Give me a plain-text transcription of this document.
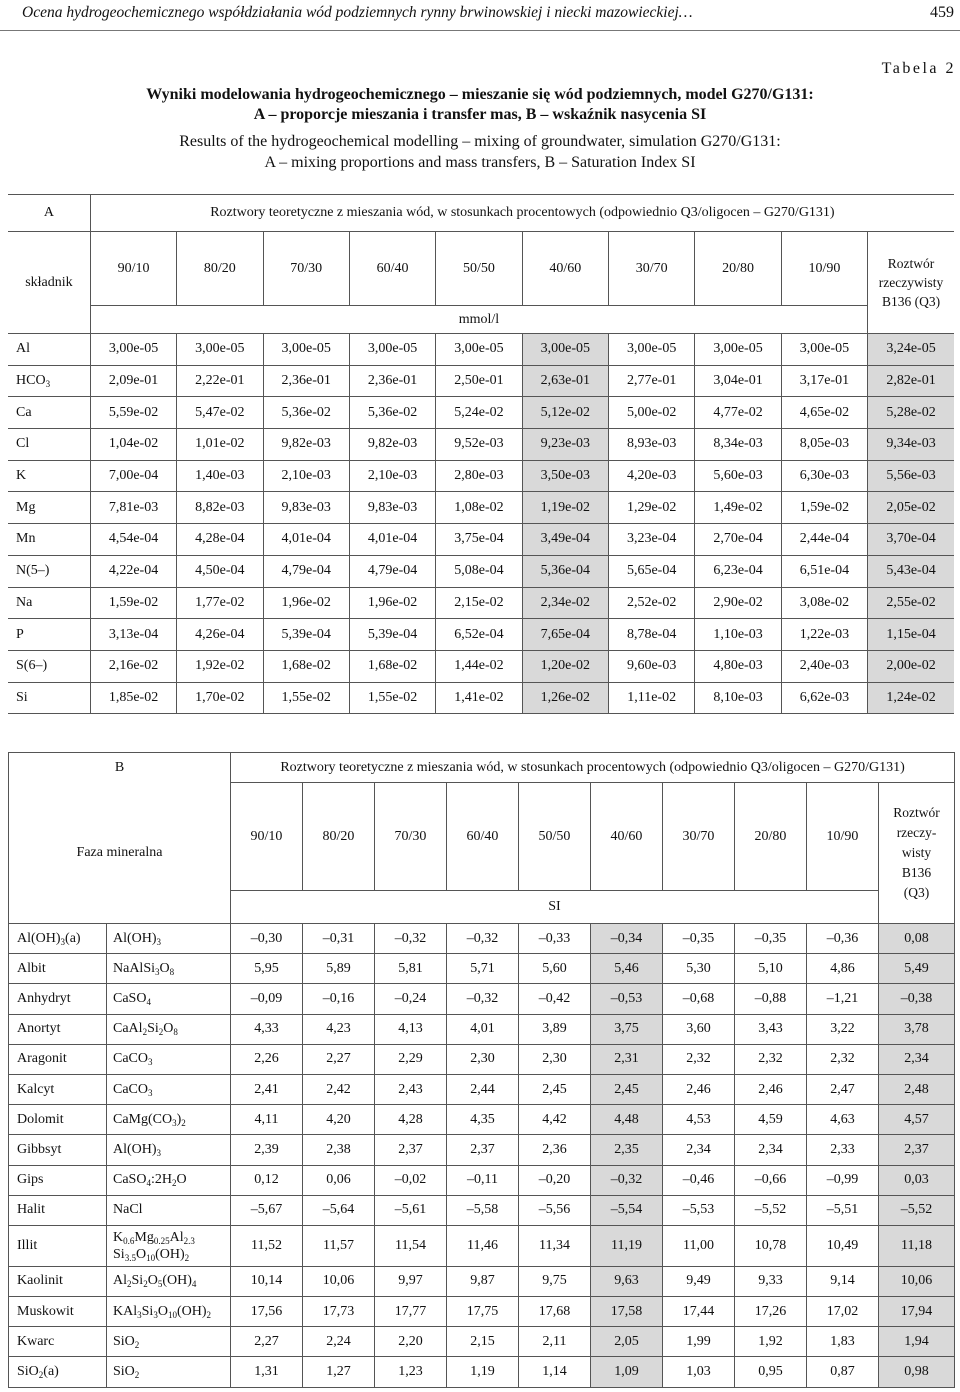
Ocena hydrogeochemicznego współdziałania wód podziemnych rynny brwinowskiej i niecki mazowieckiej…	459
Tabela 2
Wyniki modelowania hydrogeochemicznego – mieszanie się wód podziemnych, model G270/G131:
A – proporcje mieszania i transfer mas, B – wskaźnik nasycenia SI
Results of the hydrogeochemical modelling – mixing of groundwater, simulation G270/G131:
A – mixing proportions and mass transfers, B – Saturation Index SI
A	Roztwory teoretyczne z mieszania wód, w stosunkach procentowych (odpowiednio Q3/oligocen – G270/G131)									
składnik	90/10	80/20	70/30	60/40	50/50	40/60	30/70	20/80	10/90	Roztwór
rzeczywisty
B136 (Q3)
	mmol/l									
Al	3,00e-05	3,00e-05	3,00e-05	3,00e-05	3,00e-05	3,00e-05	3,00e-05	3,00e-05	3,00e-05	3,24e-05
$HCO_3$	2,09e-01	2,22e-01	2,36e-01	2,36e-01	2,50e-01	2,63e-01	2,77e-01	3,04e-01	3,17e-01	2,82e-01
Ca	5,59e-02	5,47e-02	5,36e-02	5,36e-02	5,24e-02	5,12e-02	5,00e-02	4,77e-02	4,65e-02	5,28e-02
Cl	1,04e-02	1,01e-02	9,82e-03	9,82e-03	9,52e-03	9,23e-03	8,93e-03	8,34e-03	8,05e-03	9,34e-03
K	7,00e-04	1,40e-03	2,10e-03	2,10e-03	2,80e-03	3,50e-03	4,20e-03	5,60e-03	6,30e-03	5,56e-03
Mg	7,81e-03	8,82e-03	9,83e-03	9,83e-03	1,08e-02	1,19e-02	1,29e-02	1,49e-02	1,59e-02	2,05e-02
Mn	4,54e-04	4,28e-04	4,01e-04	4,01e-04	3,75e-04	3,49e-04	3,23e-04	2,70e-04	2,44e-04	3,70e-04
N(5–)	4,22e-04	4,50e-04	4,79e-04	4,79e-04	5,08e-04	5,36e-04	5,65e-04	6,23e-04	6,51e-04	5,43e-04
Na	1,59e-02	1,77e-02	1,96e-02	1,96e-02	2,15e-02	2,34e-02	2,52e-02	2,90e-02	3,08e-02	2,55e-02
P	3,13e-04	4,26e-04	5,39e-04	5,39e-04	6,52e-04	7,65e-04	8,78e-04	1,10e-03	1,22e-03	1,15e-04
S(6–)	2,16e-02	1,92e-02	1,68e-02	1,68e-02	1,44e-02	1,20e-02	9,60e-03	4,80e-03	2,40e-03	2,00e-02
Si	1,85e-02	1,70e-02	1,55e-02	1,55e-02	1,41e-02	1,26e-02	1,11e-02	8,10e-03	6,62e-03	1,24e-02
B		Roztwory teoretyczne z mieszania wód, w stosunkach procentowych (odpowiednio Q3/oligocen – G270/G131)									
Faza mineralna		90/10	80/20	70/30	60/40	50/50	40/60	30/70	20/80	10/90	Roztwór
rzeczy-
wisty
B136
(Q3)
		SI									
$Al(OH)_3(a)$	$Al(OH)_3$	–0,30	–0,31	–0,32	–0,32	–0,33	–0,34	–0,35	–0,35	–0,36	0,08
Albit	$NaAlSi_3O_8$	5,95	5,89	5,81	5,71	5,60	5,46	5,30	5,10	4,86	5,49
Anhydryt	CaSO$_4$	–0,09	–0,16	–0,24	–0,32	–0,42	–0,53	–0,68	–0,88	–1,21	–0,38
Anortyt	$CaAl_2Si_2O_8$	4,33	4,23	4,13	4,01	3,89	3,75	3,60	3,43	3,22	3,78
Aragonit	CaCO$_3$	2,26	2,27	2,29	2,30	2,30	2,31	2,32	2,32	2,32	2,34
Kalcyt	CaCO$_3$	2,41	2,42	2,43	2,44	2,45	2,45	2,46	2,46	2,47	2,48
Dolomit	$CaMg(CO_3)_2$	4,11	4,20	4,28	4,35	4,42	4,48	4,53	4,59	4,63	4,57
Gibbsyt	$Al(OH)_3$	2,39	2,38	2,37	2,37	2,36	2,35	2,34	2,34	2,33	2,37
Gips	$CaSO_4:2H_2O$	0,12	0,06	–0,02	–0,11	–0,20	–0,32	–0,46	–0,66	–0,99	0,03
Halit	NaCl	–5,67	–5,64	–5,61	–5,58	–5,56	–5,54	–5,53	–5,52	–5,51	–5,52
Illit	$K_{0.6}Mg_{0.25}Al_{2.3}$
$Si_{3.5}O_{10}(OH)_2$	11,52	11,57	11,54	11,46	11,34	11,19	11,00	10,78	10,49	11,18
Kaolinit	$Al_2Si_2O_5(OH)_4$	10,14	10,06	9,97	9,87	9,75	9,63	9,49	9,33	9,14	10,06
Muskowit	$KAl_3Si_3O_{10}(OH)_2$	17,56	17,73	17,77	17,75	17,68	17,58	17,44	17,26	17,02	17,94
Kwarc	SiO$_2$	2,27	2,24	2,20	2,15	2,11	2,05	1,99	1,92	1,83	1,94
SiO$_2$(a)	SiO$_2$	1,31	1,27	1,23	1,19	1,14	1,09	1,03	0,95	0,87	0,98
